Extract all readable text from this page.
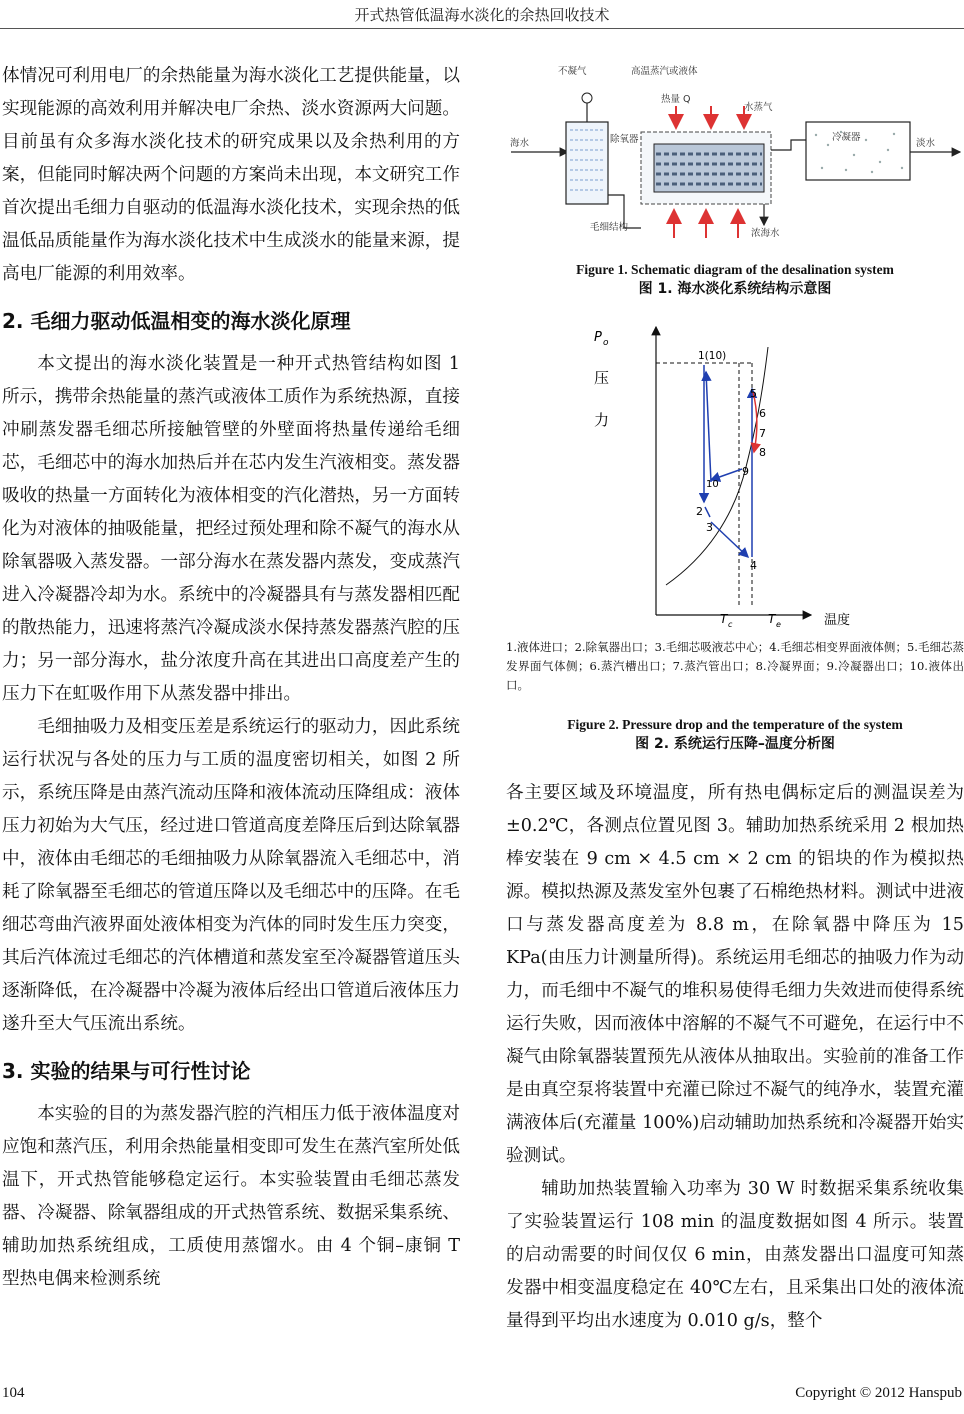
开式热管低温海水淡化的余热回收技术

体情况可利用电厂的余热能量为海水淡化工艺提供能量，以实现能源的高效利用并解决电厂余热、淡水资源两大问题。目前虽有众多海水淡化技术的研究成果以及余热利用的方案，但能同时解决两个问题的方案尚未出现，本文研究工作首次提出毛细力自驱动的低温海水淡化技术，实现余热的低温低品质能量作为海水淡化技术中生成淡水的能量来源，提高电厂能源的利用效率。

2. 毛细力驱动低温相变的海水淡化原理

本文提出的海水淡化装置是一种开式热管结构如图 1 所示，携带余热能量的蒸汽或液体工质作为系统热源，直接冲刷蒸发器毛细芯所接触管壁的外壁面将热量传递给毛细芯，毛细芯中的海水加热后并在芯内发生汽液相变。蒸发器吸收的热量一方面转化为液体相变的汽化潜热，另一方面转化为对液体的抽吸能量，把经过预处理和除不凝气的海水从除氧器吸入蒸发器。一部分海水在蒸发器内蒸发，变成蒸汽进入冷凝器冷却为水。系统中的冷凝器具有与蒸发器相匹配的散热能力，迅速将蒸汽冷凝成淡水保持蒸发器蒸汽腔的压力；另一部分海水，盐分浓度升高在其进出口高度差产生的压力下在虹吸作用下从蒸发器中排出。

毛细抽吸力及相变压差是系统运行的驱动力，因此系统运行状况与各处的压力与工质的温度密切相关，如图 2 所示，系统压降是由蒸汽流动压降和液体流动压降组成：液体压力初始为大气压，经过进口管道高度差降压后到达除氧器中，液体由毛细芯的毛细抽吸力从除氧器流入毛细芯中，消耗了除氧器至毛细芯的管道压降以及毛细芯中的压降。在毛细芯弯曲汽液界面处液体相变为汽体的同时发生压力突变，其后汽体流过毛细芯的汽体槽道和蒸发室至冷凝器管道压头逐渐降低，在冷凝器中冷凝为液体后经出口管道后液体压力遂升至大气压流出系统。

3. 实验的结果与可行性讨论

本实验的目的为蒸发器汽腔的汽相压力低于液体温度对应饱和蒸汽压，利用余热能量相变即可发生在蒸汽室所处低温下，开式热管能够稳定运行。本实验装置由毛细芯蒸发器、冷凝器、除氧器组成的开式热管系统、数据采集系统、辅助加热系统组成，工质使用蒸馏水。由 4 个铜–康铜 T 型热电偶来检测系统

不凝气	高温蒸汽或液体
热量 Q
水蒸气
海水	除氧器	冷凝器
淡水
毛细结构
浓海水
Figure 1. Schematic diagram of the desalination system
图 1. 海水淡化系统结构示意图
P o
压
力
温度
T c	T e
1(10)
2
3
4
5
6
7
8
9
10

1.液体进口；2.除氧器出口；3.毛细芯吸液芯中心；4.毛细芯相变界面液体侧；5.毛细芯蒸发界面气体侧；6.蒸汽槽出口；7.蒸汽管出口；8.冷凝界面；9.冷凝器出口；10.液体出口。

Figure 2. Pressure drop and the temperature of the system
图 2. 系统运行压降–温度分析图

各主要区域及环境温度，所有热电偶标定后的测温误差为±0.2℃，各测点位置见图 3。辅助加热系统采用 2 根加热棒安装在 9 cm × 4.5 cm × 2 cm 的铝块的作为模拟热源。模拟热源及蒸发室外包裹了石棉绝热材料。测试中进液口与蒸发器高度差为 8.8 m，在除氧器中降压为 15 KPa(由压力计测量所得)。系统运用毛细芯的抽吸力作为动力，而毛细中不凝气的堆积易使得毛细力失效进而使得系统运行失败，因而液体中溶解的不凝气不可避免，在运行中不凝气由除氧器装置预先从液体从抽取出。实验前的准备工作是由真空泵将装置中充灌已除过不凝气的纯净水，装置充灌满液体后(充灌量 100%)启动辅助加热系统和冷凝器开始实验测试。

辅助加热装置输入功率为 30 W 时数据采集系统收集了实验装置运行 108 min 的温度数据如图 4 所示。装置的启动需要的时间仅仅 6 min，由蒸发器出口温度可知蒸发器中相变温度稳定在 40℃左右，且采集出口处的液体流量得到平均出水速度为 0.010 g/s，整个

104	Copyright © 2012 Hanspub
